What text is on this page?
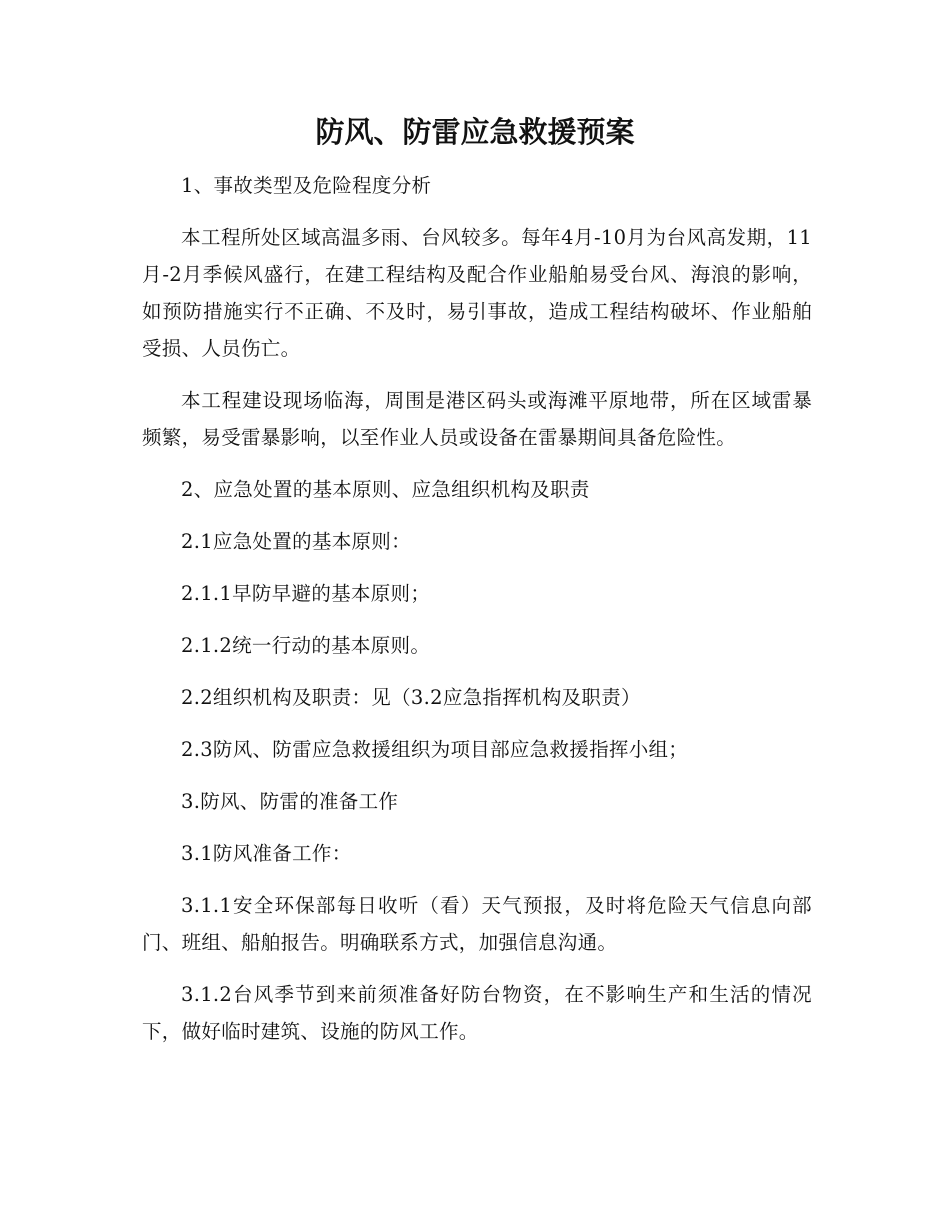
防风、防雷应急救援预案

1、事故类型及危险程度分析

本工程所处区域高温多雨、台风较多。每年4月-10月为台风高发期，11月-2月季候风盛行，在建工程结构及配合作业船舶易受台风、海浪的影响，如预防措施实行不正确、不及时，易引事故，造成工程结构破坏、作业船舶受损、人员伤亡。

本工程建设现场临海，周围是港区码头或海滩平原地带，所在区域雷暴频繁，易受雷暴影响，以至作业人员或设备在雷暴期间具备危险性。

2、应急处置的基本原则、应急组织机构及职责

2.1应急处置的基本原则：

2.1.1早防早避的基本原则；

2.1.2统一行动的基本原则。

2.2组织机构及职责：见（3.2应急指挥机构及职责）

2.3防风、防雷应急救援组织为项目部应急救援指挥小组；

3.防风、防雷的准备工作

3.1防风准备工作：

3.1.1安全环保部每日收听（看）天气预报，及时将危险天气信息向部门、班组、船舶报告。明确联系方式，加强信息沟通。

3.1.2台风季节到来前须准备好防台物资，在不影响生产和生活的情况下，做好临时建筑、设施的防风工作。
